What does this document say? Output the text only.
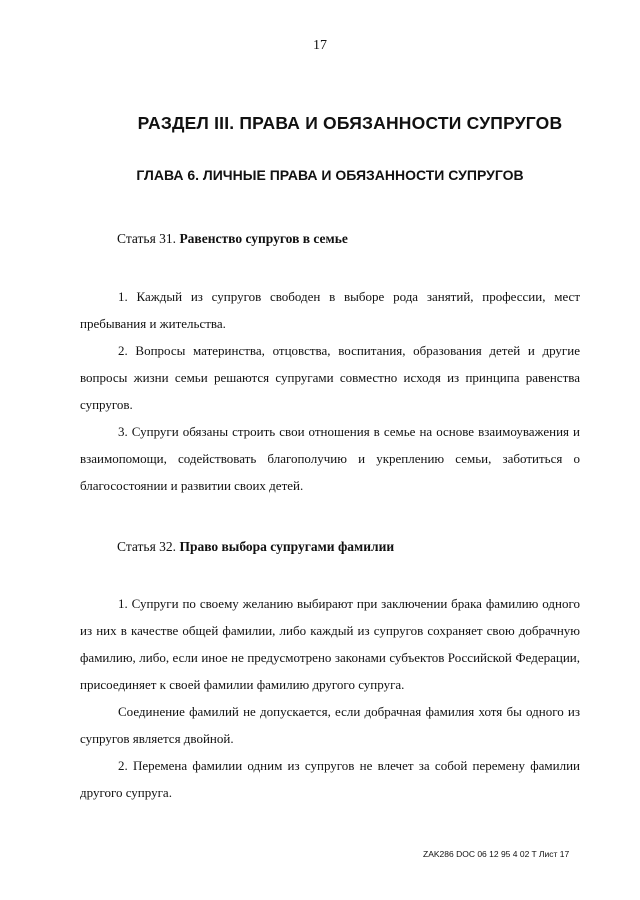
17
РАЗДЕЛ III. ПРАВА И ОБЯЗАННОСТИ СУПРУГОВ
ГЛАВА 6. ЛИЧНЫЕ ПРАВА И ОБЯЗАННОСТИ СУПРУГОВ

Статья 31. Равенство супругов в семье

1. Каждый из супругов свободен в выборе рода занятий, профессии, мест пребывания и жительства.

2. Вопросы материнства, отцовства, воспитания, образования детей и другие вопросы жизни семьи решаются супругами совместно исходя из принципа равенства супругов.

3. Супруги обязаны строить свои отношения в семье на основе взаимоуважения и взаимопомощи, содействовать благополучию и укреплению семьи, заботиться о благосостоянии и развитии своих детей.

Статья 32. Право выбора супругами фамилии

1. Супруги по своему желанию выбирают при заключении брака фамилию одного из них в качестве общей фамилии, либо каждый из супругов сохраняет свою добрачную фамилию, либо, если иное не предусмотрено законами субъектов Российской Федерации, присоединяет к своей фамилии фамилию другого супруга.

Соединение фамилий не допускается, если добрачная фамилия хотя бы одного из супругов является двойной.

2. Перемена фамилии одним из супругов не влечет за собой перемену фамилии другого супруга.

ZAK286 DOC 06 12 95 4 02 T Лист 17
